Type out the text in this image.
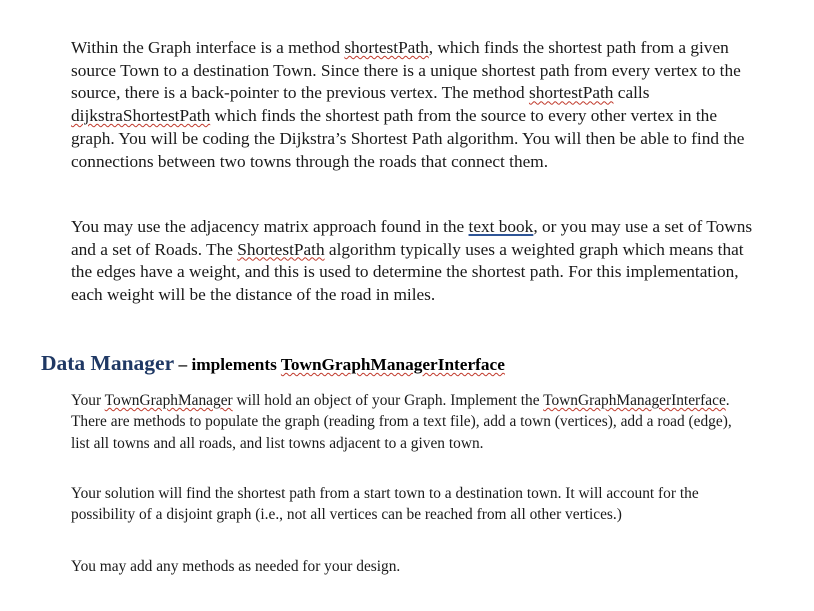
Within the Graph interface is a method shortestPath, which finds the shortest path from a given source Town to a destination Town. Since there is a unique shortest path from every vertex to the source, there is a back-pointer to the previous vertex. The method shortestPath calls dijkstraShortestPath which finds the shortest path from the source to every other vertex in the graph. You will be coding the Dijkstra’s Shortest Path algorithm. You will then be able to find the connections between two towns through the roads that connect them.

You may use the adjacency matrix approach found in the text book, or you may use a set of Towns and a set of Roads. The ShortestPath algorithm typically uses a weighted graph which means that the edges have a weight, and this is used to determine the shortest path. For this implementation, each weight will be the distance of the road in miles.

Data Manager – implements TownGraphManagerInterface

Your TownGraphManager will hold an object of your Graph. Implement the TownGraphManagerInterface. There are methods to populate the graph (reading from a text file), add a town (vertices), add a road (edge), list all towns and all roads, and list towns adjacent to a given town.

Your solution will find the shortest path from a start town to a destination town. It will account for the possibility of a disjoint graph (i.e., not all vertices can be reached from all other vertices.)

You may add any methods as needed for your design.
